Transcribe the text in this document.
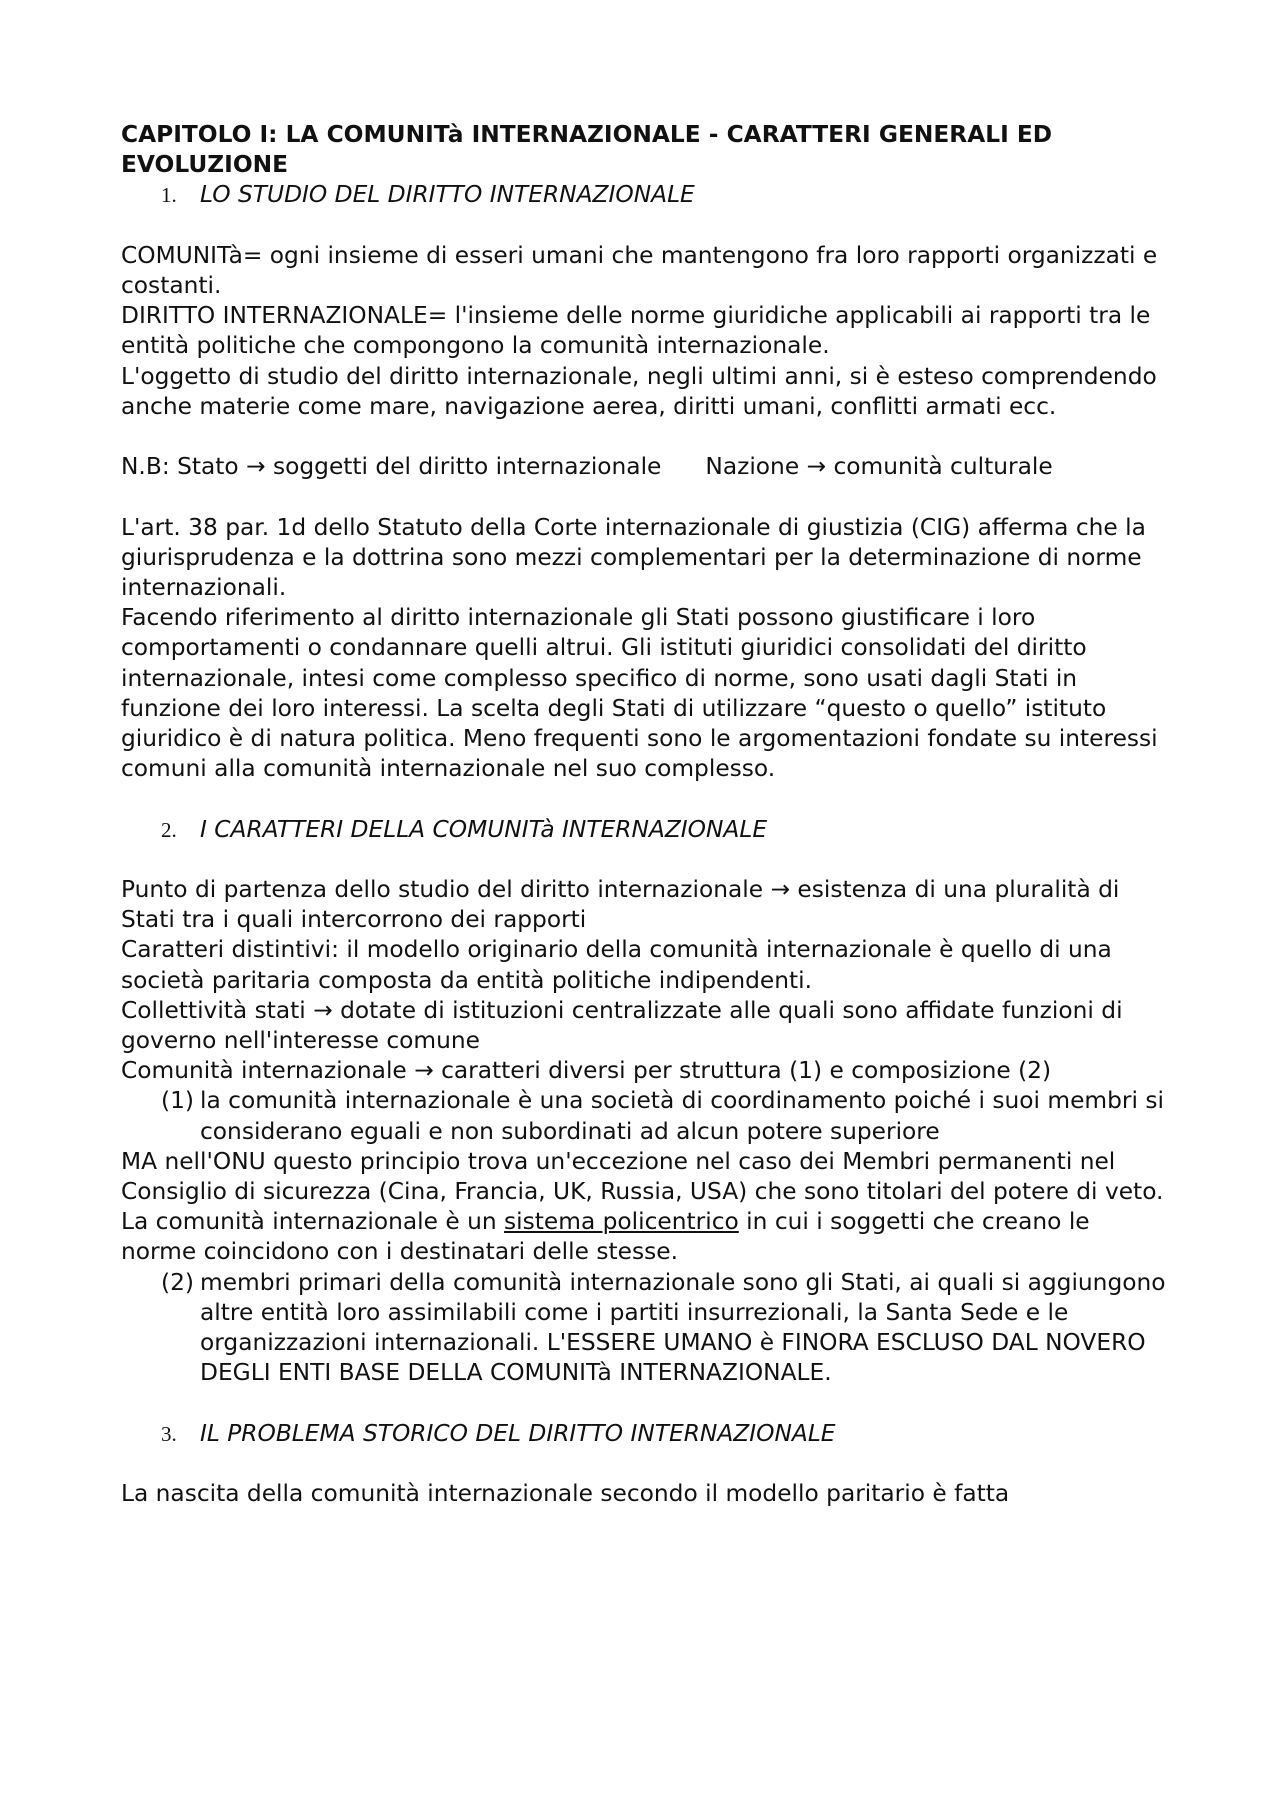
CAPITOLO I: LA COMUNITà INTERNAZIONALE - CARATTERI GENERALI ED EVOLUZIONE

1. LO STUDIO DEL DIRITTO INTERNAZIONALE

COMUNITà= ogni insieme di esseri umani che mantengono fra loro rapporti organizzati e costanti.

DIRITTO INTERNAZIONALE= l'insieme delle norme giuridiche applicabili ai rapporti tra le entità politiche che compongono la comunità internazionale.

L'oggetto di studio del diritto internazionale, negli ultimi anni, si è esteso comprendendo anche materie come mare, navigazione aerea, diritti umani, conflitti armati ecc.

N.B: Stato → soggetti del diritto internazionale Nazione → comunità culturale

L'art. 38 par. 1d dello Statuto della Corte internazionale di giustizia (CIG) afferma che la giurisprudenza e la dottrina sono mezzi complementari per la determinazione di norme internazionali.

Facendo riferimento al diritto internazionale gli Stati possono giustificare i loro comportamenti o condannare quelli altrui. Gli istituti giuridici consolidati del diritto internazionale, intesi come complesso specifico di norme, sono usati dagli Stati in funzione dei loro interessi. La scelta degli Stati di utilizzare “questo o quello” istituto giuridico è di natura politica. Meno frequenti sono le argomentazioni fondate su interessi comuni alla comunità internazionale nel suo complesso.

2. I CARATTERI DELLA COMUNITà INTERNAZIONALE

Punto di partenza dello studio del diritto internazionale → esistenza di una pluralità di Stati tra i quali intercorrono dei rapporti

Caratteri distintivi: il modello originario della comunità internazionale è quello di una società paritaria composta da entità politiche indipendenti.

Collettività stati → dotate di istituzioni centralizzate alle quali sono affidate funzioni di governo nell'interesse comune

Comunità internazionale → caratteri diversi per struttura (1) e composizione (2)

(1) la comunità internazionale è una società di coordinamento poiché i suoi membri si considerano eguali e non subordinati ad alcun potere superiore

MA nell'ONU questo principio trova un'eccezione nel caso dei Membri permanenti nel Consiglio di sicurezza (Cina, Francia, UK, Russia, USA) che sono titolari del potere di veto.

La comunità internazionale è un sistema policentrico in cui i soggetti che creano le norme coincidono con i destinatari delle stesse.

(2) membri primari della comunità internazionale sono gli Stati, ai quali si aggiungono altre entità loro assimilabili come i partiti insurrezionali, la Santa Sede e le organizzazioni internazionali. L'ESSERE UMANO è FINORA ESCLUSO DAL NOVERO DEGLI ENTI BASE DELLA COMUNITà INTERNAZIONALE.

3. IL PROBLEMA STORICO DEL DIRITTO INTERNAZIONALE

La nascita della comunità internazionale secondo il modello paritario è fatta
